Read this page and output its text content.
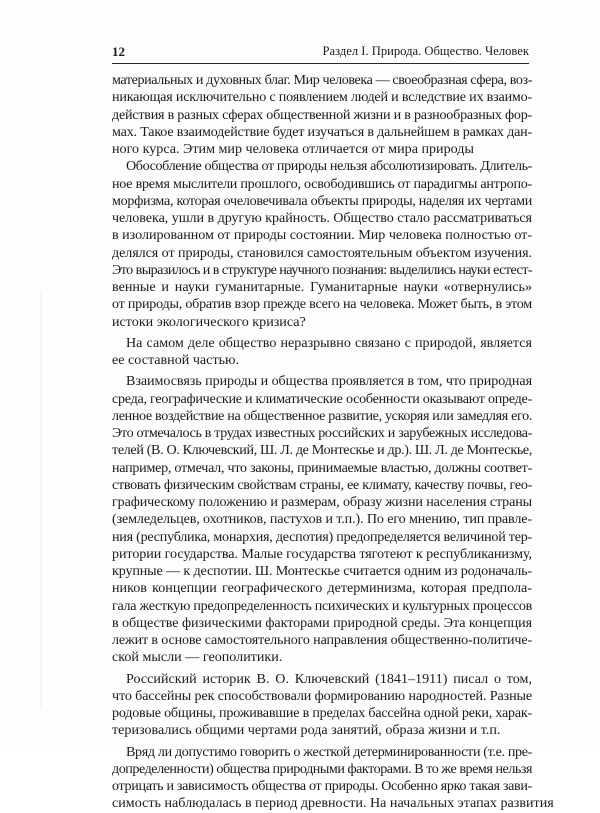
12	Раздел I. Природа. Общество. Человек
материальных и духовных благ. Мир человека — своеобразная сфера, воз-
никающая исключительно с появлением людей и вследствие их взаимо-
действия в разных сферах общественной жизни и в разнообразных фор-
мах. Такое взаимодействие будет изучаться в дальнейшем в рамках дан-
ного курса. Этим мир человека отличается от мира природы
Обособление общества от природы нельзя абсолютизировать. Длитель-
ное время мыслители прошлого, освободившись от парадигмы антропо-
морфизма, которая очеловечивала объекты природы, наделяя их чертами
человека, ушли в другую крайность. Общество стало рассматриваться
в изолированном от природы состоянии. Мир человека полностью от-
делялся от природы, становился самостоятельным объектом изучения.
Это выразилось и в структуре научного познания: выделились науки естест-
венные и науки гуманитарные. Гуманитарные науки «отвернулись»
от природы, обратив взор прежде всего на человека. Может быть, в этом
истоки экологического кризиса?
На самом деле общество неразрывно связано с природой, является
ее составной частью.
Взаимосвязь природы и общества проявляется в том, что природная
среда, географические и климатические особенности оказывают опреде-
ленное воздействие на общественное развитие, ускоряя или замедляя его.
Это отмечалось в трудах известных российских и зарубежных исследова-
телей (В. О. Ключевский, Ш. Л. де Монтескье и др.). Ш. Л. де Монтескье,
например, отмечал, что законы, принимаемые властью, должны соответ-
ствовать физическим свойствам страны, ее климату, качеству почвы, гео-
графическому положению и размерам, образу жизни населения страны
(земледельцев, охотников, пастухов и т.п.). По его мнению, тип правле-
ния (республика, монархия, деспотия) предопределяется величиной тер-
ритории государства. Малые государства тяготеют к республиканизму,
крупные — к деспотии. Ш. Монтескье считается одним из родоначаль-
ников концепции географического детерминизма, которая предпола-
гала жесткую предопределенность психических и культурных процессов
в обществе физическими факторами природной среды. Эта концепция
лежит в основе самостоятельного направления общественно-политиче-
ской мысли — геополитики.
Российский историк В. О. Ключевский (1841–1911) писал о том,
что бассейны рек способствовали формированию народностей. Разные
родовые общины, проживавшие в пределах бассейна одной реки, харак-
теризовались общими чертами рода занятий, образа жизни и т.п.
Вряд ли допустимо говорить о жесткой детерминированности (т.е. пре-
допределенности) общества природными факторами. В то же время нельзя
отрицать и зависимость общества от природы. Особенно ярко такая зави-
симость наблюдалась в период древности. На начальных этапах развития
